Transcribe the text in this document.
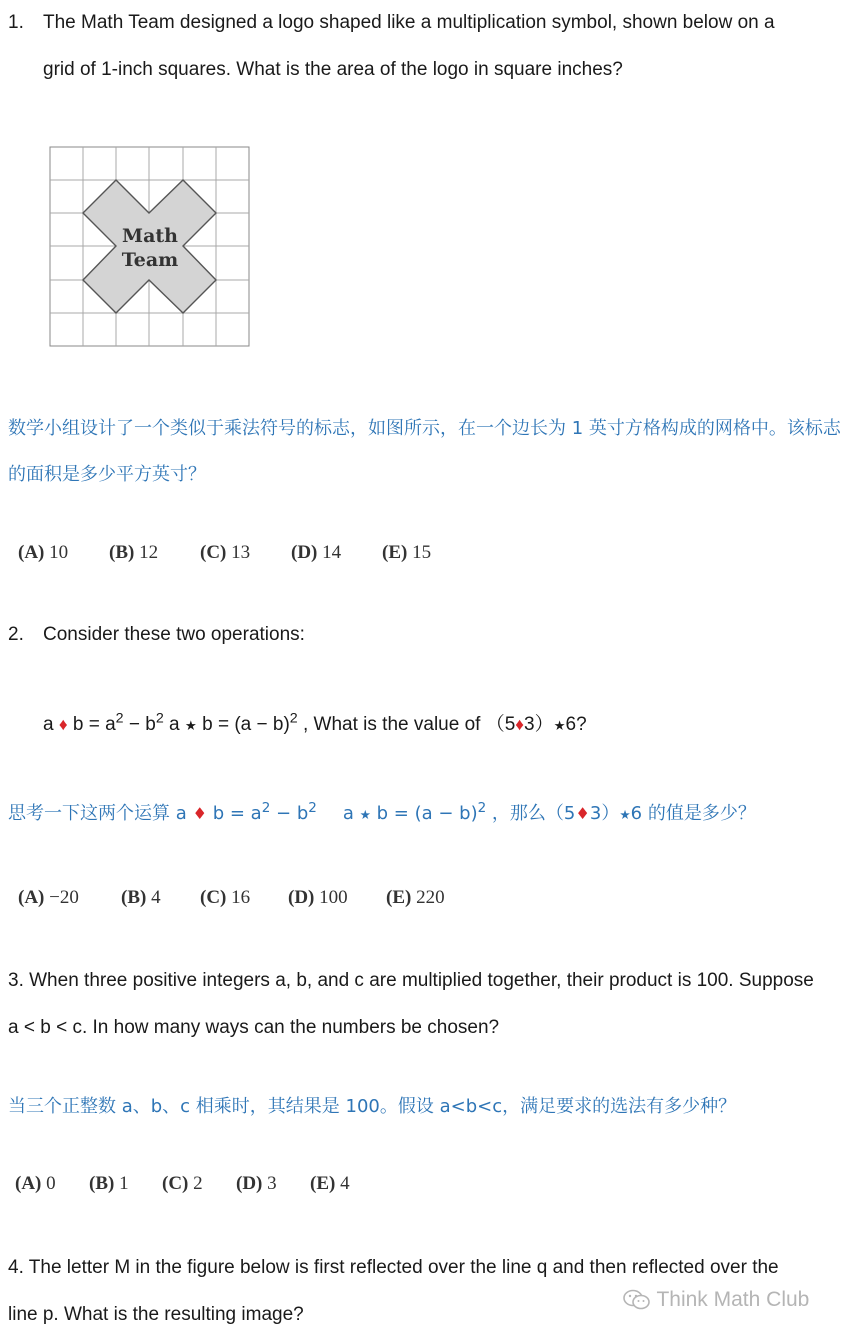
1. The Math Team designed a logo shaped like a multiplication symbol, shown below on a
grid of 1-inch squares. What is the area of the logo in square inches?
Math
Team
数学小组设计了一个类似于乘法符号的标志，如图所示，在一个边长为 1 英寸方格构成的网格中。该标志
的面积是多少平方英寸？
(A) 10 (B) 12 (C) 13 (D) 14 (E) 15
2. Consider these two operations:
a ♦ $b = a^2 - b^2$ a ★ $b = (a - b)^2$ , What is the value of （5♦3）★6?
思考一下这两个运算 a ♦ $b = a^2 - b^2$ a ★ $b = (a - b)^2$ ，那么（5♦3）★6 的值是多少？
(A) −20 (B) 4 (C) 16 (D) 100 (E) 220
3. When three positive integers a, b, and c are multiplied together, their product is 100. Suppose
a < b < c. In how many ways can the numbers be chosen?
当三个正整数 a、b、c 相乘时，其结果是 100。假设 a<b<c，满足要求的选法有多少种？
(A) 0 (B) 1 (C) 2 (D) 3 (E) 4
4. The letter M in the figure below is first reflected over the line q and then reflected over the
line p. What is the resulting image?
Think Math Club
